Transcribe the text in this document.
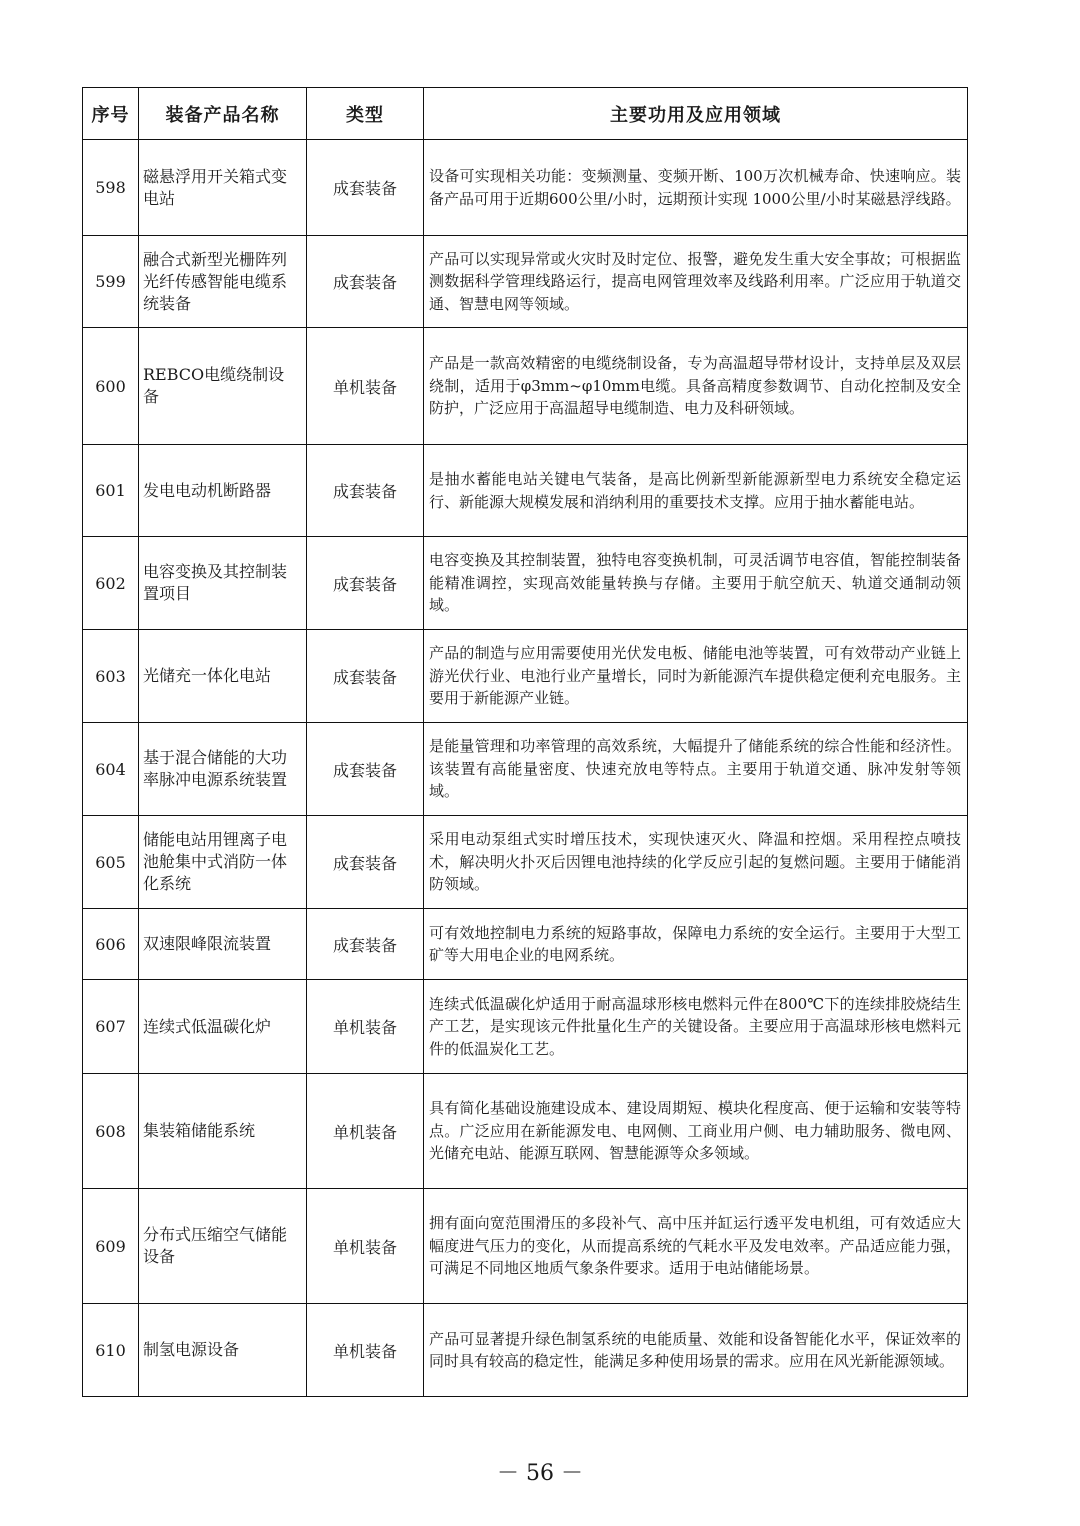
序号	装备产品名称	类型	主要功用及应用领域
598	磁悬浮用开关箱式变电站	成套装备	设备可实现相关功能：变频测量、变频开断、100万次机械寿命、快速响应。装备产品可用于近期600公里/小时，远期预计实现 1000公里/小时某磁悬浮线路。
599	融合式新型光栅阵列光纤传感智能电缆系统装备	成套装备	产品可以实现异常或火灾时及时定位、报警，避免发生重大安全事故；可根据监测数据科学管理线路运行，提高电网管理效率及线路利用率。广泛应用于轨道交通、智慧电网等领域。
600	REBCO电缆绕制设备	单机装备	产品是一款高效精密的电缆绕制设备，专为高温超导带材设计，支持单层及双层绕制，适用于φ3mm~φ10mm电缆。具备高精度参数调节、自动化控制及安全防护，广泛应用于高温超导电缆制造、电力及科研领域。
601	发电电动机断路器	成套装备	是抽水蓄能电站关键电气装备，是高比例新型新能源新型电力系统安全稳定运行、新能源大规模发展和消纳利用的重要技术支撑。应用于抽水蓄能电站。
602	电容变换及其控制装置项目	成套装备	电容变换及其控制装置，独特电容变换机制，可灵活调节电容值，智能控制装备能精准调控，实现高效能量转换与存储。主要用于航空航天、轨道交通制动领域。
603	光储充一体化电站	成套装备	产品的制造与应用需要使用光伏发电板、储能电池等装置，可有效带动产业链上游光伏行业、电池行业产量增长，同时为新能源汽车提供稳定便利充电服务。主要用于新能源产业链。
604	基于混合储能的大功率脉冲电源系统装置	成套装备	是能量管理和功率管理的高效系统，大幅提升了储能系统的综合性能和经济性。该装置有高能量密度、快速充放电等特点。主要用于轨道交通、脉冲发射等领域。
605	储能电站用锂离子电池舱集中式消防一体化系统	成套装备	采用电动泵组式实时增压技术，实现快速灭火、降温和控烟。采用程控点喷技术，解决明火扑灭后因锂电池持续的化学反应引起的复燃问题。主要用于储能消防领域。
606	双速限峰限流装置	成套装备	可有效地控制电力系统的短路事故，保障电力系统的安全运行。主要用于大型工矿等大用电企业的电网系统。
607	连续式低温碳化炉	单机装备	连续式低温碳化炉适用于耐高温球形核电燃料元件在800℃下的连续排胶烧结生产工艺，是实现该元件批量化生产的关键设备。主要应用于高温球形核电燃料元件的低温炭化工艺。
608	集装箱储能系统	单机装备	具有简化基础设施建设成本、建设周期短、模块化程度高、便于运输和安装等特点。广泛应用在新能源发电、电网侧、工商业用户侧、电力辅助服务、微电网、光储充电站、能源互联网、智慧能源等众多领域。
609	分布式压缩空气储能设备	单机装备	拥有面向宽范围滑压的多段补气、高中压并缸运行透平发电机组，可有效适应大幅度进气压力的变化，从而提高系统的气耗水平及发电效率。产品适应能力强，可满足不同地区地质气象条件要求。适用于电站储能场景。
610	制氢电源设备	单机装备	产品可显著提升绿色制氢系统的电能质量、效能和设备智能化水平，保证效率的同时具有较高的稳定性，能满足多种使用场景的需求。应用在风光新能源领域。
－ 56 －
